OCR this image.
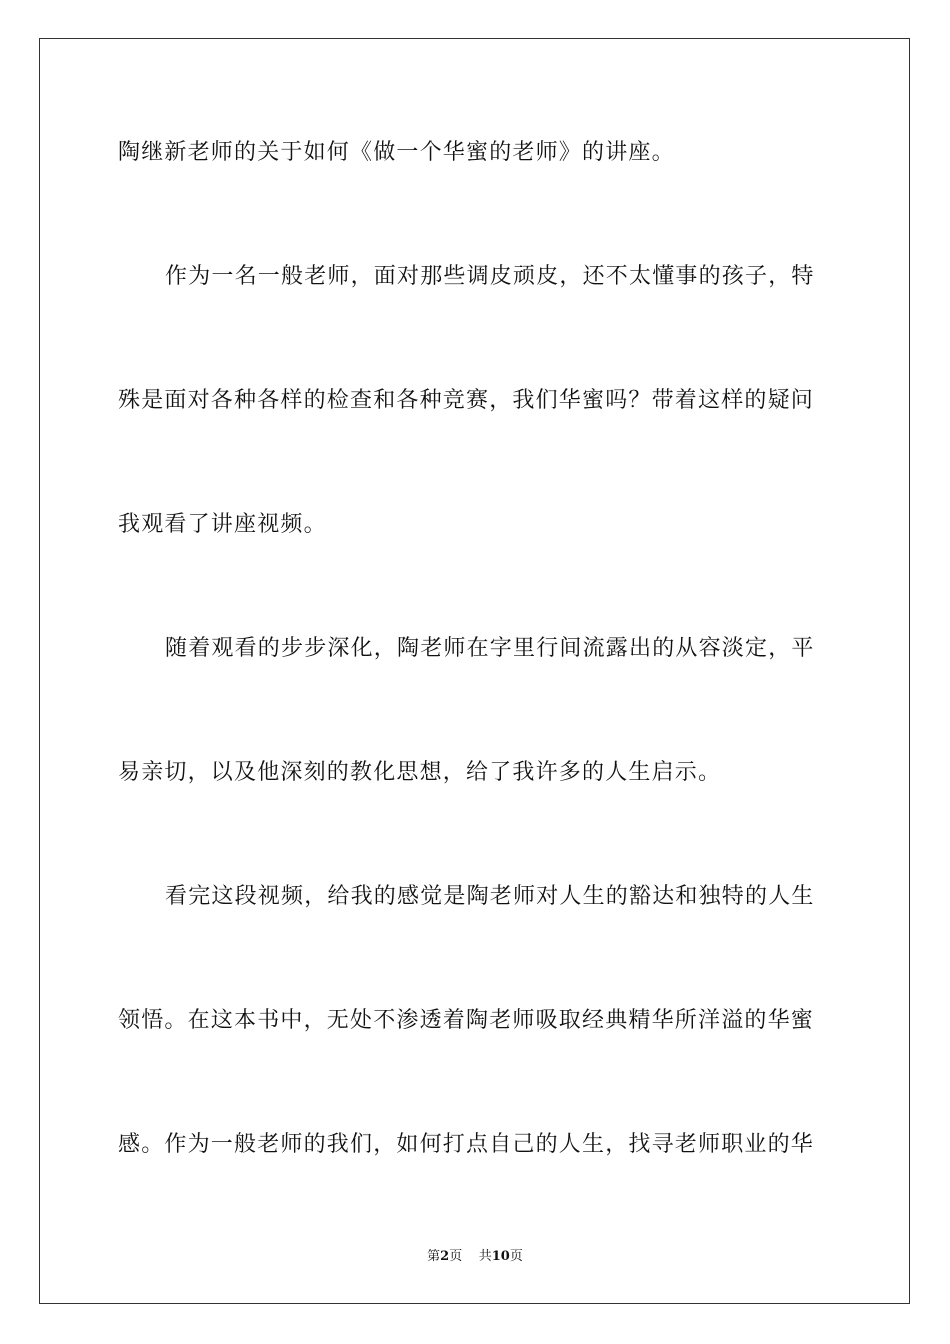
陶继新老师的关于如何《做一个华蜜的老师》的讲座。
作为一名一般老师，面对那些调皮顽皮，还不太懂事的孩子，特
殊是面对各种各样的检查和各种竞赛，我们华蜜吗？带着这样的疑问
我观看了讲座视频。
随着观看的步步深化，陶老师在字里行间流露出的从容淡定，平
易亲切，以及他深刻的教化思想，给了我许多的人生启示。
看完这段视频，给我的感觉是陶老师对人生的豁达和独特的人生
领悟。在这本书中，无处不渗透着陶老师吸取经典精华所洋溢的华蜜
感。作为一般老师的我们，如何打点自己的人生，找寻老师职业的华
第2页 共10页
